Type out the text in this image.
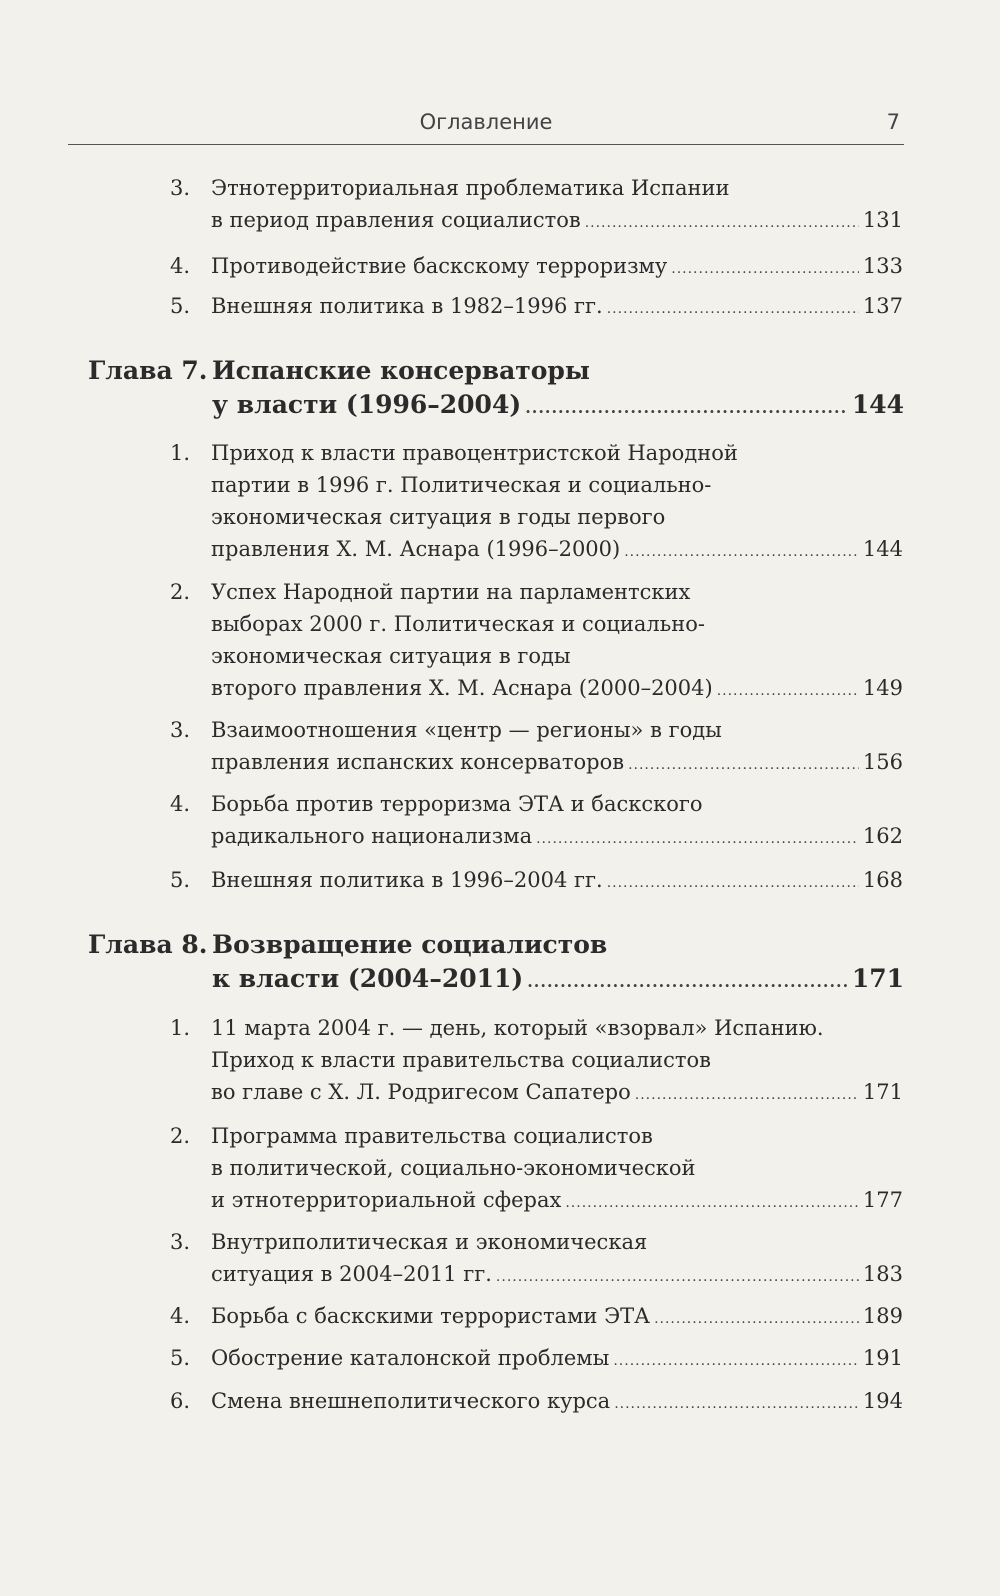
Оглавление	7
3. Этнотерриториальная проблематика Испании
в период правления социалистов .....	131
4. Противодействие баскскому терроризму .....	133
5. Внешняя политика в 1982–1996 гг. .....	137
Глава 7. Испанские консерваторы
у власти (1996–2004) .....	144
1. Приход к власти правоцентристской Народной
партии в 1996 г. Политическая и социально-
экономическая ситуация в годы первого
правления Х. М. Аснара (1996–2000) .....	144
2. Успех Народной партии на парламентских
выборах 2000 г. Политическая и социально-
экономическая ситуация в годы
второго правления Х. М. Аснара (2000–2004) .....	149
3. Взаимоотношения «центр — регионы» в годы
правления испанских консерваторов .....	156
4. Борьба против терроризма ЭТА и баскского
радикального национализма .....	162
5. Внешняя политика в 1996–2004 гг. .....	168
Глава 8. Возвращение социалистов
к власти (2004–2011) .....	171
1. 11 марта 2004 г. — день, который «взорвал» Испанию.
Приход к власти правительства социалистов
во главе с Х. Л. Родригесом Сапатеро .....	171
2. Программа правительства социалистов
в политической, социально-экономической
и этнотерриториальной сферах .....	177
3. Внутриполитическая и экономическая
ситуация в 2004–2011 гг. .....	183
4. Борьба с баскскими террористами ЭТА .....	189
5. Обострение каталонской проблемы .....	191
6. Смена внешнеполитического курса .....	194
